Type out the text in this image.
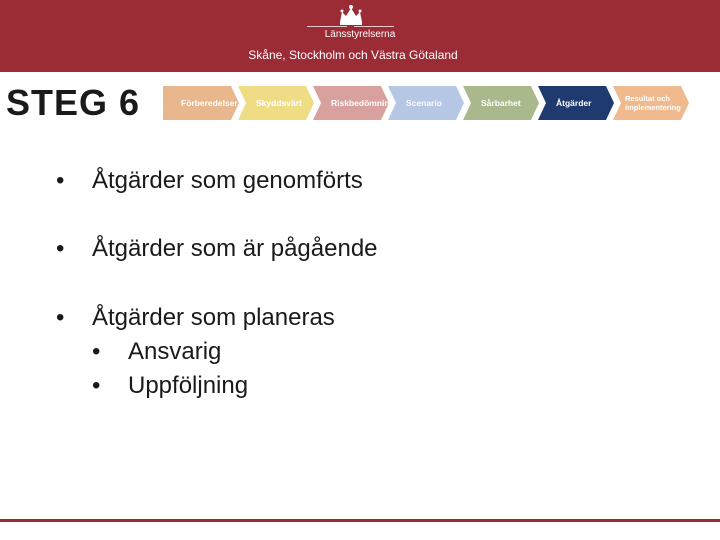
Länsstyrelserna
Skåne, Stockholm och Västra Götaland
STEG 6	Förberedelser Skyddsvärt	Riskbedömning Scenario	Sårbarhet	Åtgärder	Resultat och implementering
• Åtgärder som genomförts
• Åtgärder som är pågående
• Åtgärder som planeras
• Ansvarig
• Uppföljning
